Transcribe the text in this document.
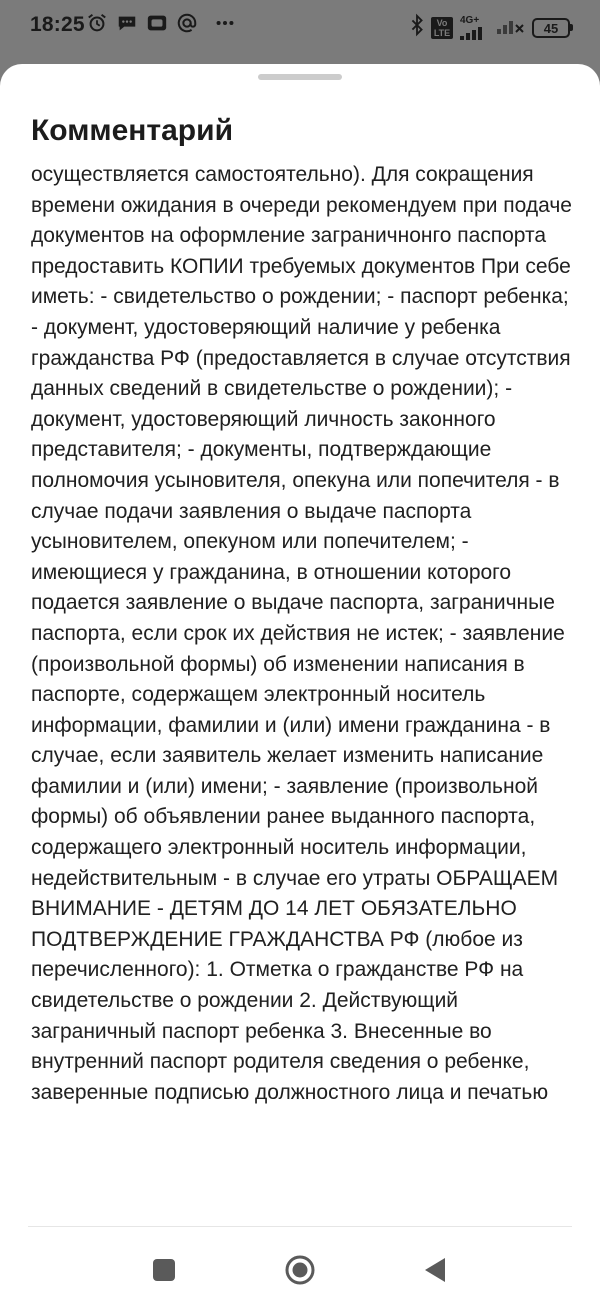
18:25	Vo LTE
4G+	45
Комментарий

осуществляется самостоятельно). Для сокращения времени ожидания в очереди рекомендуем при подаче документов на оформление заграничнонго паспорта предоставить КОПИИ требуемых документов При себе иметь: - свидетельство о рождении; - паспорт ребенка; - документ, удостоверяющий наличие у ребенка гражданства РФ (предоставляется в случае отсутствия данных сведений в свидетельстве о рождении); - документ, удостоверяющий личность законного представителя; - документы, подтверждающие полномочия усыновителя, опекуна или попечителя - в случае подачи заявления о выдаче паспорта усыновителем, опекуном или попечителем; - имеющиеся у гражданина, в отношении которого подается заявление о выдаче паспорта, заграничные паспорта, если срок их действия не истек; - заявление (произвольной формы) об изменении написания в паспорте, содержащем электронный носитель информации, фамилии и (или) имени гражданина - в случае, если заявитель желает изменить написание фамилии и (или) имени; - заявление (произвольной формы) об объявлении ранее выданного паспорта, содержащего электронный носитель информации, недействительным - в случае его утраты ОБРАЩАЕМ ВНИМАНИЕ - ДЕТЯМ ДО 14 ЛЕТ ОБЯЗАТЕЛЬНО ПОДТВЕРЖДЕНИЕ ГРАЖДАНСТВА РФ (любое из перечисленного): 1. Отметка о гражданстве РФ на свидетельстве о рождении 2. Действующий заграничный паспорт ребенка 3. Внесенные во внутренний паспорт родителя сведения о ребенке, заверенные подписью должностного лица и печатью
